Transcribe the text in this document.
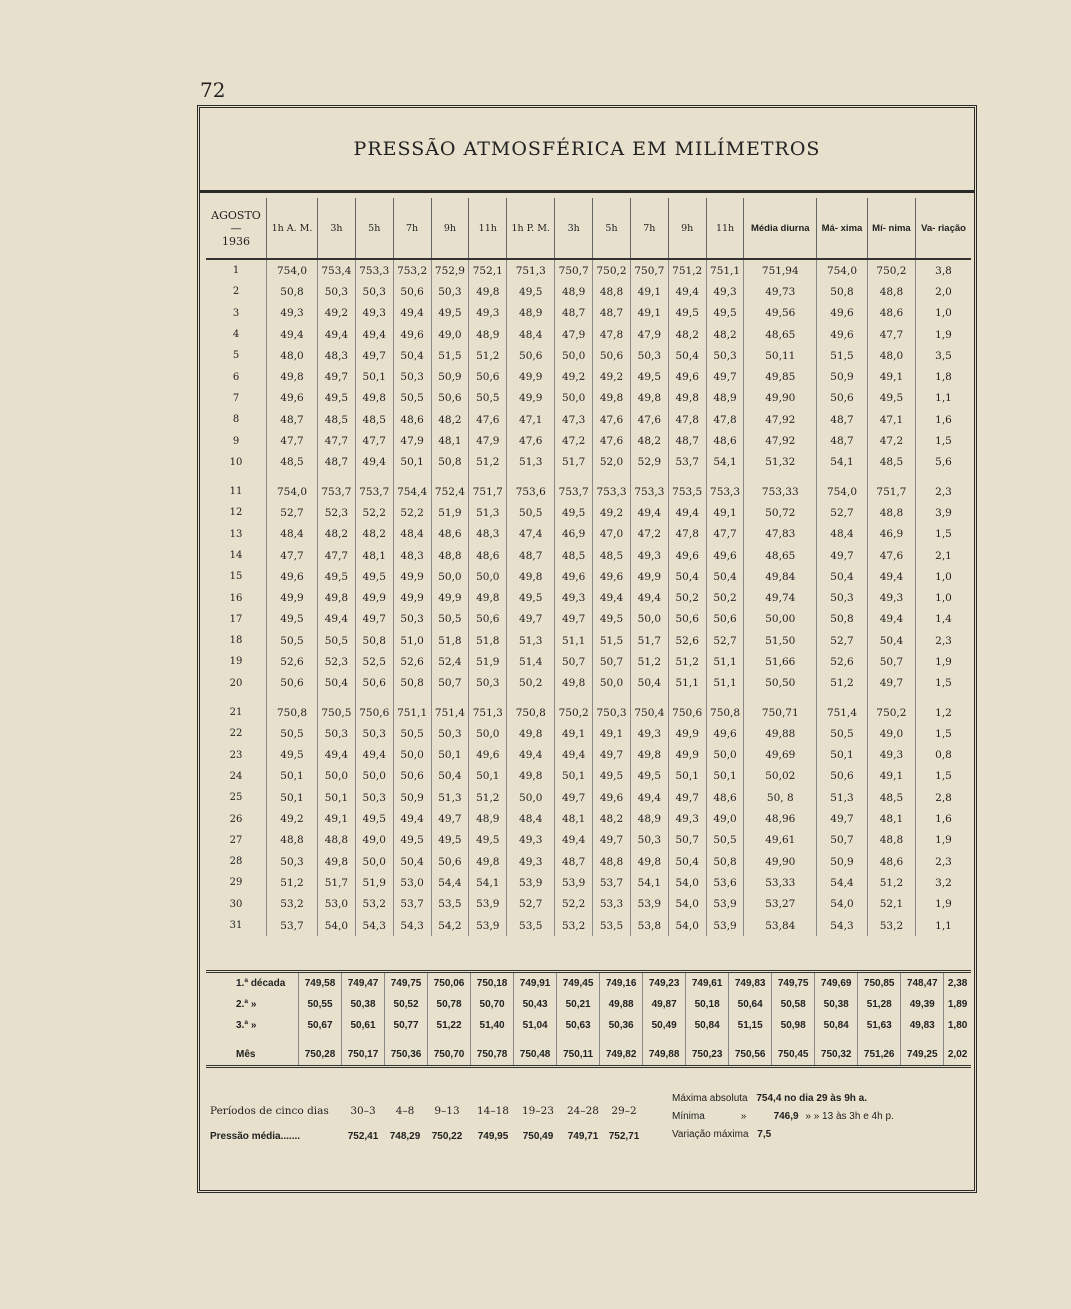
72
PRESSÃO ATMOSFÉRICA EM MILÍMETROS
AGOSTO
—
1936	1h A. M.	3h	5h	7h	9h	11h	1h P. M.	3h	5h	7h	9h	11h	Média diurna	Má- xima	Mí- nima	Va- riação
1	754,0	753,4	753,3	753,2	752,9	752,1	751,3	750,7	750,2	750,7	751,2	751,1	751,94	754,0	750,2	3,8
2	50,8	50,3	50,3	50,6	50,3	49,8	49,5	48,9	48,8	49,1	49,4	49,3	49,73	50,8	48,8	2,0
3	49,3	49,2	49,3	49,4	49,5	49,3	48,9	48,7	48,7	49,1	49,5	49,5	49,56	49,6	48,6	1,0
4	49,4	49,4	49,4	49,6	49,0	48,9	48,4	47,9	47,8	47,9	48,2	48,2	48,65	49,6	47,7	1,9
5	48,0	48,3	49,7	50,4	51,5	51,2	50,6	50,0	50,6	50,3	50,4	50,3	50,11	51,5	48,0	3,5
6	49,8	49,7	50,1	50,3	50,9	50,6	49,9	49,2	49,2	49,5	49,6	49,7	49,85	50,9	49,1	1,8
7	49,6	49,5	49,8	50,5	50,6	50,5	49,9	50,0	49,8	49,8	49,8	48,9	49,90	50,6	49,5	1,1
8	48,7	48,5	48,5	48,6	48,2	47,6	47,1	47,3	47,6	47,6	47,8	47,8	47,92	48,7	47,1	1,6
9	47,7	47,7	47,7	47,9	48,1	47,9	47,6	47,2	47,6	48,2	48,7	48,6	47,92	48,7	47,2	1,5
10	48,5	48,7	49,4	50,1	50,8	51,2	51,3	51,7	52,0	52,9	53,7	54,1	51,32	54,1	48,5	5,6

11	754,0	753,7	753,7	754,4	752,4	751,7	753,6	753,7	753,3	753,3	753,5	753,3	753,33	754,0	751,7	2,3
12	52,7	52,3	52,2	52,2	51,9	51,3	50,5	49,5	49,2	49,4	49,4	49,1	50,72	52,7	48,8	3,9
13	48,4	48,2	48,2	48,4	48,6	48,3	47,4	46,9	47,0	47,2	47,8	47,7	47,83	48,4	46,9	1,5
14	47,7	47,7	48,1	48,3	48,8	48,6	48,7	48,5	48,5	49,3	49,6	49,6	48,65	49,7	47,6	2,1
15	49,6	49,5	49,5	49,9	50,0	50,0	49,8	49,6	49,6	49,9	50,4	50,4	49,84	50,4	49,4	1,0
16	49,9	49,8	49,9	49,9	49,9	49,8	49,5	49,3	49,4	49,4	50,2	50,2	49,74	50,3	49,3	1,0
17	49,5	49,4	49,7	50,3	50,5	50,6	49,7	49,7	49,5	50,0	50,6	50,6	50,00	50,8	49,4	1,4
18	50,5	50,5	50,8	51,0	51,8	51,8	51,3	51,1	51,5	51,7	52,6	52,7	51,50	52,7	50,4	2,3
19	52,6	52,3	52,5	52,6	52,4	51,9	51,4	50,7	50,7	51,2	51,2	51,1	51,66	52,6	50,7	1,9
20	50,6	50,4	50,6	50,8	50,7	50,3	50,2	49,8	50,0	50,4	51,1	51,1	50,50	51,2	49,7	1,5

21	750,8	750,5	750,6	751,1	751,4	751,3	750,8	750,2	750,3	750,4	750,6	750,8	750,71	751,4	750,2	1,2
22	50,5	50,3	50,3	50,5	50,3	50,0	49,8	49,1	49,1	49,3	49,9	49,6	49,88	50,5	49,0	1,5
23	49,5	49,4	49,4	50,0	50,1	49,6	49,4	49,4	49,7	49,8	49,9	50,0	49,69	50,1	49,3	0,8
24	50,1	50,0	50,0	50,6	50,4	50,1	49,8	50,1	49,5	49,5	50,1	50,1	50,02	50,6	49,1	1,5
25	50,1	50,1	50,3	50,9	51,3	51,2	50,0	49,7	49,6	49,4	49,7	48,6	50, 8	51,3	48,5	2,8
26	49,2	49,1	49,5	49,4	49,7	48,9	48,4	48,1	48,2	48,9	49,3	49,0	48,96	49,7	48,1	1,6
27	48,8	48,8	49,0	49,5	49,5	49,5	49,3	49,4	49,7	50,3	50,7	50,5	49,61	50,7	48,8	1,9
28	50,3	49,8	50,0	50,4	50,6	49,8	49,3	48,7	48,8	49,8	50,4	50,8	49,90	50,9	48,6	2,3
29	51,2	51,7	51,9	53,0	54,4	54,1	53,9	53,9	53,7	54,1	54,0	53,6	53,33	54,4	51,2	3,2
30	53,2	53,0	53,2	53,7	53,5	53,9	52,7	52,2	53,3	53,9	54,0	53,9	53,27	54,0	52,1	1,9
31	53,7	54,0	54,3	54,3	54,2	53,9	53,5	53,2	53,5	53,8	54,0	53,9	53,84	54,3	53,2	1,1
1.ª década	749,58	749,47	749,75	750,06	750,18	749,91	749,45	749,16	749,23	749,61	749,83	749,75	749,69	750,85	748,47	2,38
2.ª »	50,55	50,38	50,52	50,78	50,70	50,43	50,21	49,88	49,87	50,18	50,64	50,58	50,38	51,28	49,39	1,89
3.ª »	50,67	50,61	50,77	51,22	51,40	51,04	50,63	50,36	50,49	50,84	51,15	50,98	50,84	51,63	49,83	1,80

Mês	750,28	750,17	750,36	750,70	750,78	750,48	750,11	749,82	749,88	750,23	750,56	750,45	750,32	751,26	749,25	2,02
Períodos de cinco dias	30–3	4–8	9–13	14–18	19–23	24–28	29–2
Pressão média.......	752,41	748,29	750,22	749,95	750,49	749,71	752,71
Máxima absoluta 754,4 no dia 29 às 9h a.
Mínima	»	746,9 » » 13 às 3h e 4h p.
Variação máxima 7,5
